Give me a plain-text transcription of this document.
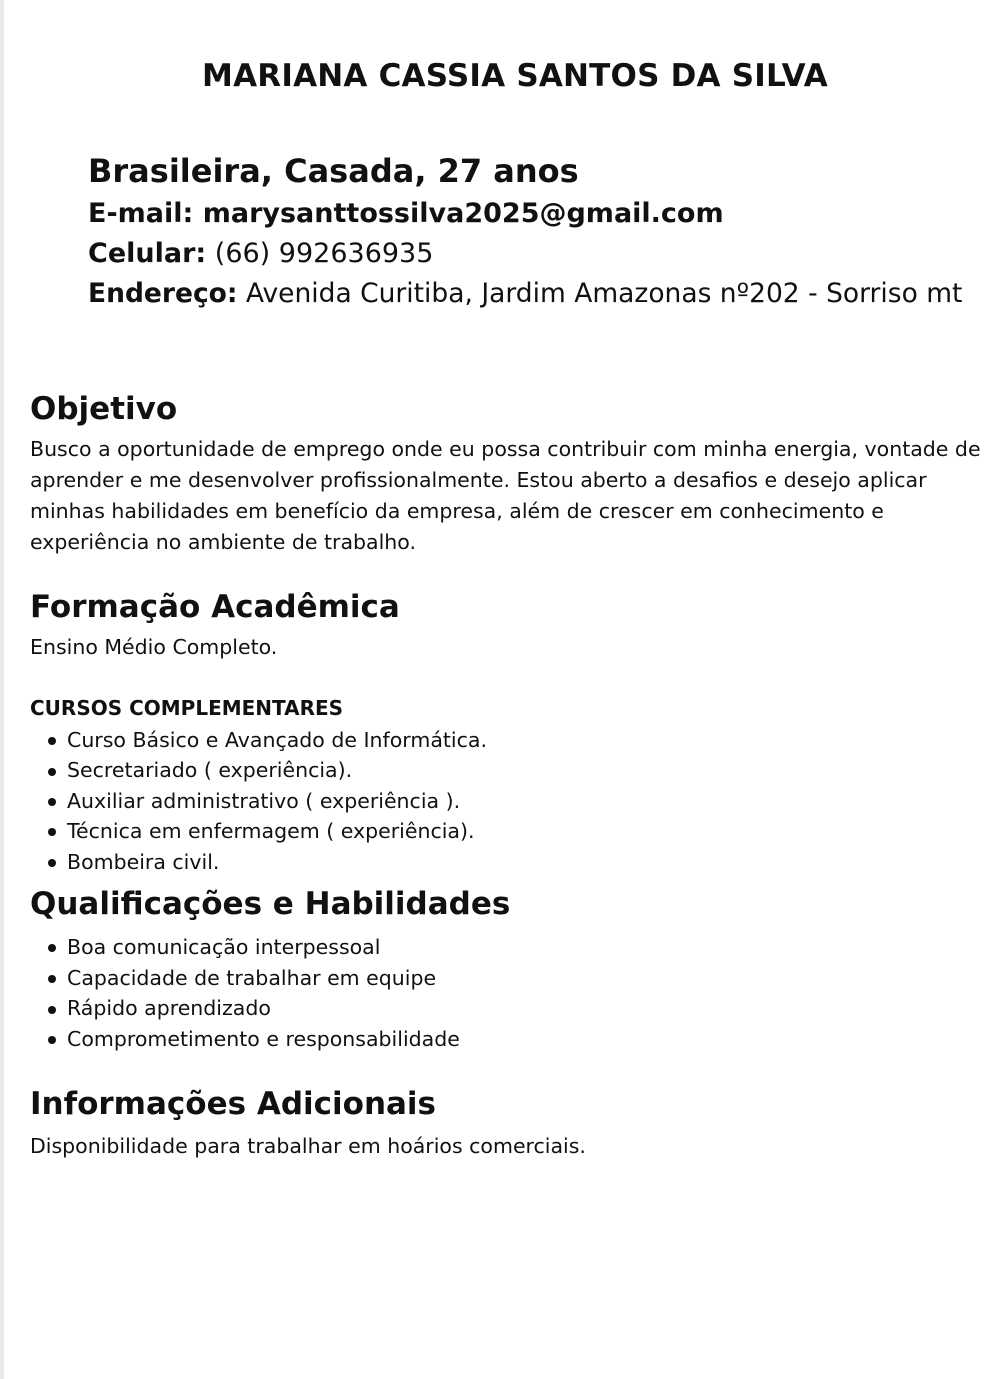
MARIANA CASSIA SANTOS DA SILVA
Brasileira, Casada, 27 anos
E-mail: marysanttossilva2025@gmail.com
Celular: (66) 992636935
Endereço: Avenida Curitiba, Jardim Amazonas nº202 - Sorriso mt
Objetivo
Busco a oportunidade de emprego onde eu possa contribuir com minha energia, vontade de aprender e me desenvolver profissionalmente. Estou aberto a desafios e desejo aplicar minhas habilidades em benefício da empresa, além de crescer em conhecimento e experiência no ambiente de trabalho.
Formação Acadêmica
Ensino Médio Completo.
CURSOS COMPLEMENTARES
Curso Básico e Avançado de Informática.
Secretariado ( experiência).
Auxiliar administrativo ( experiência ).
Técnica em enfermagem ( experiência).
Bombeira civil.
Qualificações e Habilidades
Boa comunicação interpessoal
Capacidade de trabalhar em equipe
Rápido aprendizado
Comprometimento e responsabilidade
Informações Adicionais
Disponibilidade para trabalhar em hoários comerciais.
